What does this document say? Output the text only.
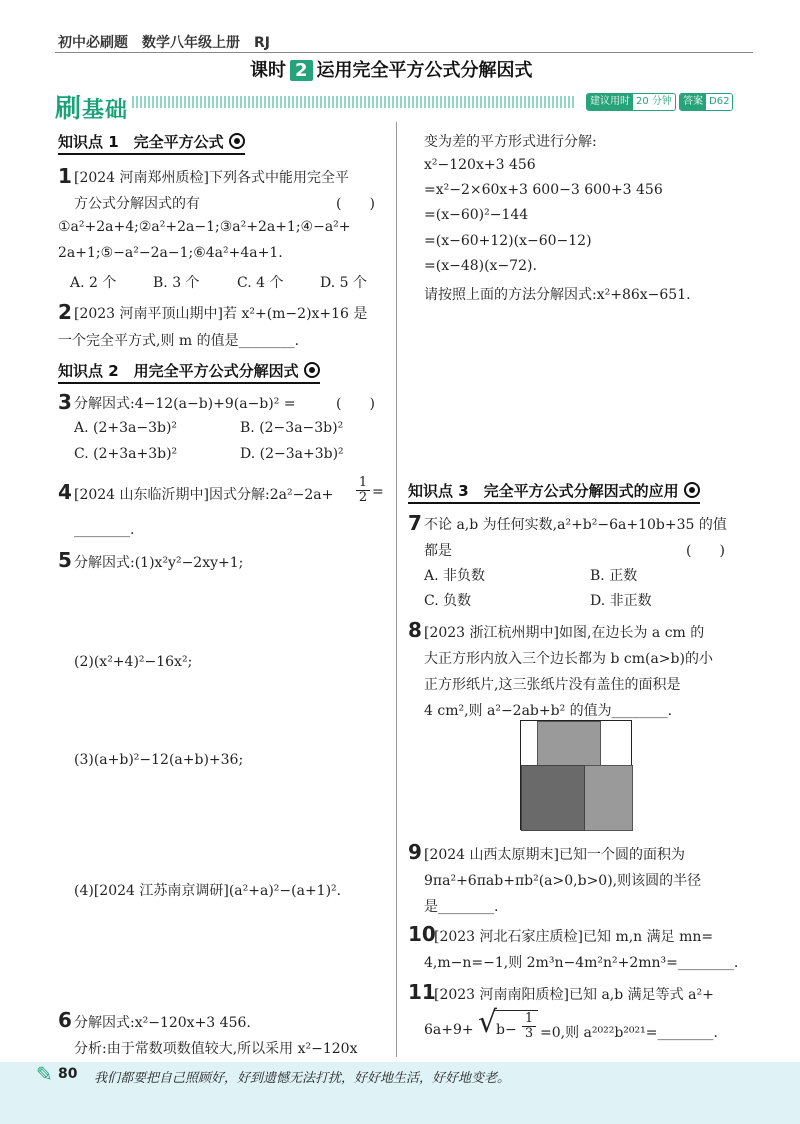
初中必刷题　数学八年级上册　RJ
课时 2 运用完全平方公式分解因式
刷基础	建议用时 20 分钟	答案 D62
知识点 1　完全平方公式
1 [2024 河南郑州质检]下列各式中能用完全平
方公式分解因式的有	(　　)
①a²+2a+4;②a²+2a−1;③a²+2a+1;④−a²+
2a+1;⑤−a²−2a−1;⑥4a²+4a+1.
A. 2 个	B. 3 个	C. 4 个	D. 5 个
2 [2023 河南平顶山期中]若 x²+(m−2)x+16 是
一个完全平方式,则 m 的值是________.
知识点 2　用完全平方公式分解因式
3 分解因式:4−12(a−b)+9(a−b)² =	(　　)
A. (2+3a−3b)²	B. (2−3a−3b)²
C. (2+3a+3b)²	D. (2−3a+3b)²
4 [2024 山东临沂期中]因式分解:2a²−2a+ $\frac{1}{2}$ =
________.
5 分解因式:(1)x²y²−2xy+1;
(2)(x²+4)²−16x²;
(3)(a+b)²−12(a+b)+36;
(4)[2024 江苏南京调研](a²+a)²−(a+1)².
6 分解因式:x²−120x+3 456.
分析:由于常数项数值较大,所以采用 x²−120x
变为差的平方形式进行分解:
x²−120x+3 456
=x²−2×60x+3 600−3 600+3 456
=(x−60)²−144
=(x−60+12)(x−60−12)
=(x−48)(x−72).
请按照上面的方法分解因式:x²+86x−651.
知识点 3　完全平方公式分解因式的应用
7 不论 a,b 为任何实数,a²+b²−6a+10b+35 的值
都是	(　　)
A. 非负数	B. 正数
C. 负数	D. 非正数
8 [2023 浙江杭州期中]如图,在边长为 a cm 的
大正方形内放入三个边长都为 b cm(a>b)的小
正方形纸片,这三张纸片没有盖住的面积是
4 cm²,则 a²−2ab+b² 的值为________.
9 [2024 山西太原期末]已知一个圆的面积为
9πa²+6πab+πb²(a>0,b>0),则该圆的半径
是________.
10
[2023 河北石家庄质检]已知 m,n 满足 mn=
4,m−n=−1,则 2m³n−4m²n²+2mn³=________.
11
[2023 河南南阳质检]已知 a,b 满足等式 a²+
6a+9+ √
$b- \frac{1}{3} =0$,则 a²⁰²²b²⁰²¹=________.
✎ 80 我们都要把自己照顾好，好到遗憾无法打扰，好好地生活，好好地变老。
